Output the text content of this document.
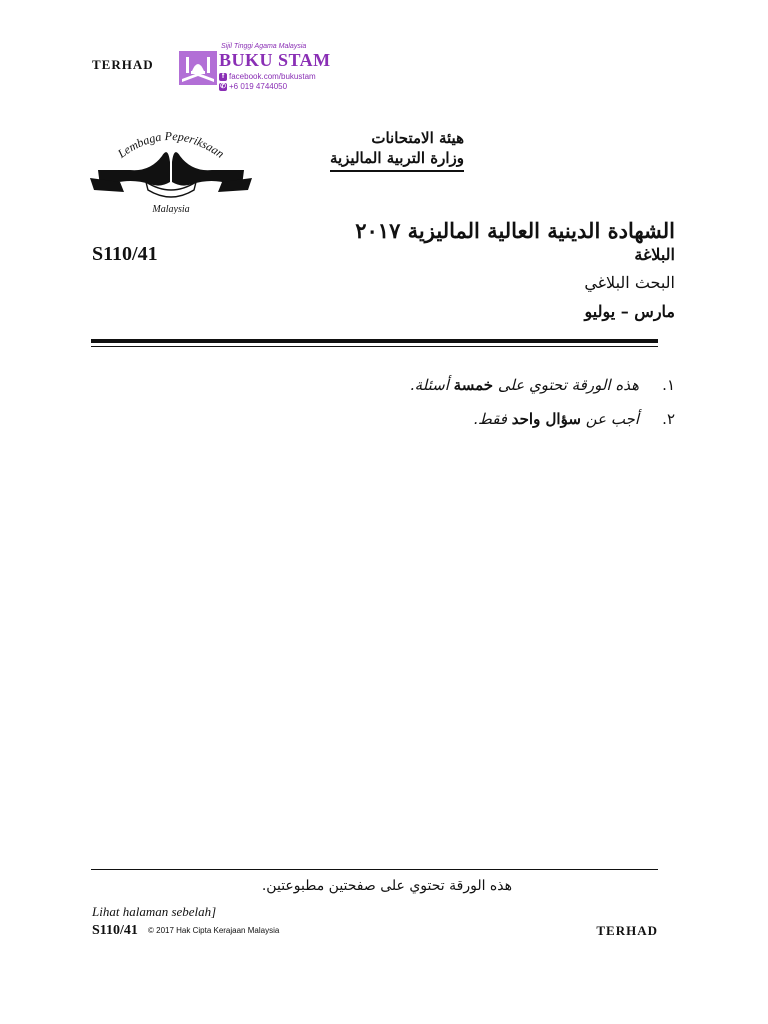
TERHAD
Sijil Tinggi Agama Malaysia
BUKU STAM
f facebook.com/bukustam
✆ +6 019 4744050
Lembaga Peperiksaan
Malaysia
هيئة الامتحانات
وزارة التربية الماليزية
الشهادة الدينية العالية الماليزية ٢٠١٧
S110/41	البلاغة
البحث البلاغي
مارس – يوليو
١.هذه الورقة تحتوي على خمسة أسئلة.
٢.أجب عن سؤال واحد فقط.
هذه الورقة تحتوي على صفحتين مطبوعتين.
Lihat halaman sebelah]
S110/41 © 2017 Hak Cipta Kerajaan Malaysia	TERHAD
